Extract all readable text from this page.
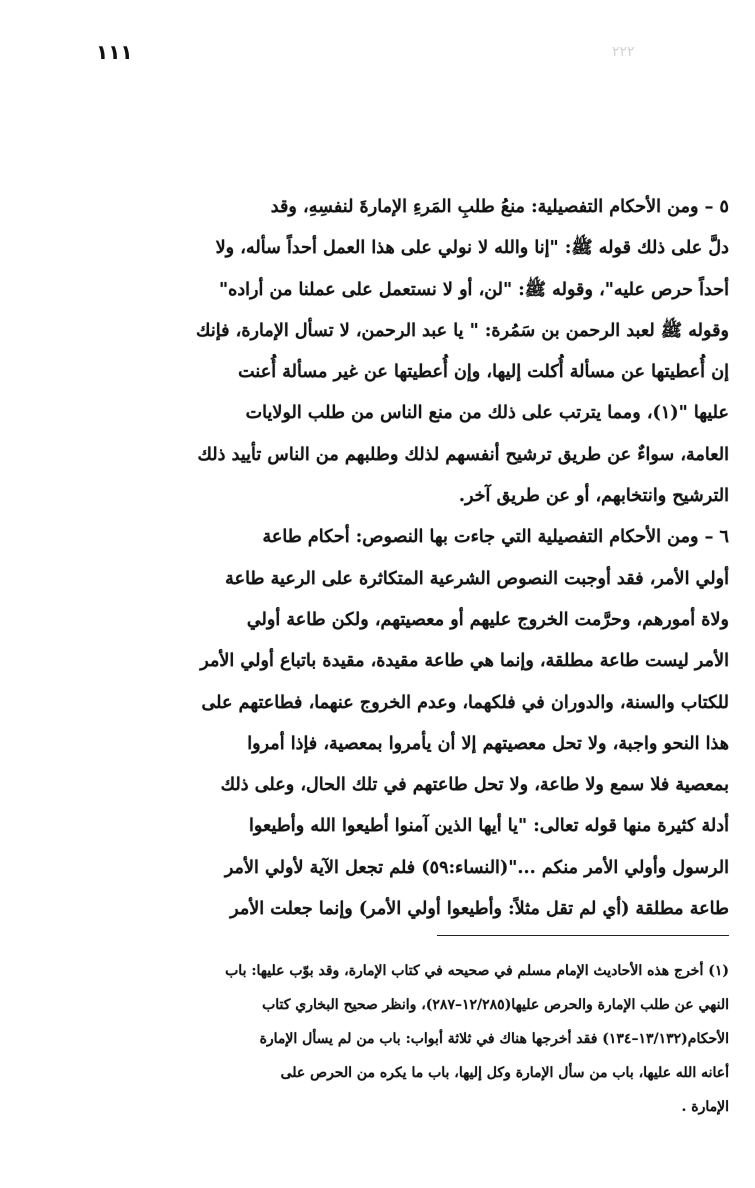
١١١	٢٢٢
٥ – ومن الأحكام التفصيلية: منعُ طلبِ المَرءِ الإمارةَ لنفسِهِ، وقد
دلَّ على ذلك قوله ﷺ: "إنا والله لا نولي على هذا العمل أحداً سأله، ولا
أحداً حرص عليه"، وقوله ﷺ: "لن، أو لا نستعمل على عملنا من أراده"
وقوله ﷺ لعبد الرحمن بن سَمُرة: " يا عبد الرحمن، لا تسأل الإمارة، فإنك
إن أُعطيتها عن مسألة أُكلت إليها، وإن أُعطيتها عن غير مسألة أُعنت
عليها "(١)، ومما يترتب على ذلك من منع الناس من طلب الولايات
العامة، سواءٌ عن طريق ترشيح أنفسهم لذلك وطلبهم من الناس تأييد ذلك
الترشيح وانتخابهم، أو عن طريق آخر.
٦ – ومن الأحكام التفصيلية التي جاءت بها النصوص: أحكام طاعة
أولي الأمر، فقد أوجبت النصوص الشرعية المتكاثرة على الرعية طاعة
ولاة أمورهم، وحرَّمت الخروج عليهم أو معصيتهم، ولكن طاعة أولي
الأمر ليست طاعة مطلقة، وإنما هي طاعة مقيدة، مقيدة باتباع أولي الأمر
للكتاب والسنة، والدوران في فلكهما، وعدم الخروج عنهما، فطاعتهم على
هذا النحو واجبة، ولا تحل معصيتهم إلا أن يأمروا بمعصية، فإذا أمروا
بمعصية فلا سمع ولا طاعة، ولا تحل طاعتهم في تلك الحال، وعلى ذلك
أدلة كثيرة منها قوله تعالى: "يا أيها الذين آمنوا أطيعوا الله وأطيعوا
الرسول وأولي الأمر منكم ..."(النساء:٥٩) فلم تجعل الآية لأولي الأمر
طاعة مطلقة (أي لم تقل مثلاً: وأطيعوا أولي الأمر) وإنما جعلت الأمر
(١) أخرج هذه الأحاديث الإمام مسلم في صحيحه في كتاب الإمارة، وقد بوّب عليها: باب
النهي عن طلب الإمارة والحرص عليها(١٢/٢٨٥–٢٨٧)، وانظر صحيح البخاري كتاب
الأحكام(١٣/١٣٢–١٣٤) فقد أخرجها هناك في ثلاثة أبواب: باب من لم يسأل الإمارة
أعانه الله عليها، باب من سأل الإمارة وكل إليها، باب ما يكره من الحرص على
الإمارة .
